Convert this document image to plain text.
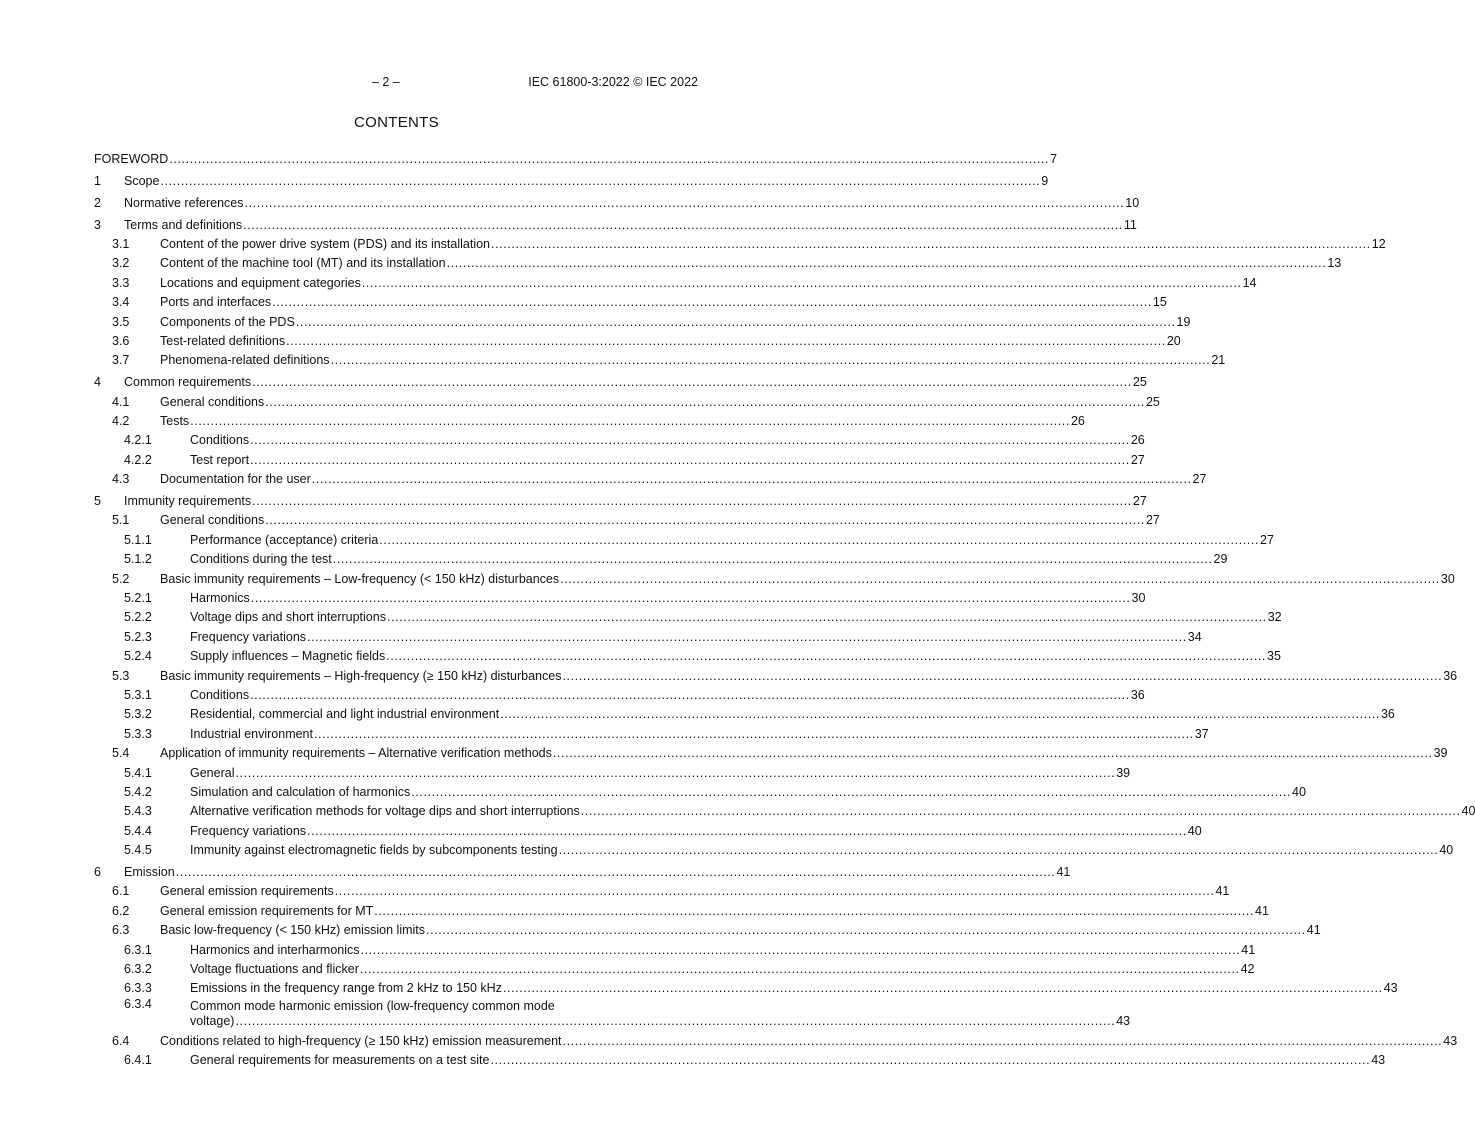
– 2 –	IEC 61800-3:2022 © IEC 2022
CONTENTS
FOREWORD .....	7
1	Scope .....	9
2	Normative references .....	10
3	Terms and definitions .....	11
3.1	Content of the power drive system (PDS) and its installation .....	12
3.2	Content of the machine tool (MT) and its installation .....	13
3.3	Locations and equipment categories .....	14
3.4	Ports and interfaces .....	15
3.5	Components of the PDS .....	19
3.6	Test-related definitions .....	20
3.7	Phenomena-related definitions .....	21
4	Common requirements .....	25
4.1	General conditions .....	25
4.2	Tests .....	26
4.2.1	Conditions .....	26
4.2.2	Test report .....	27
4.3	Documentation for the user .....	27
5	Immunity requirements .....	27
5.1	General conditions .....	27
5.1.1	Performance (acceptance) criteria .....	27
5.1.2	Conditions during the test .....	29
5.2	Basic immunity requirements – Low-frequency (< 150 kHz) disturbances .....	30
5.2.1	Harmonics .....	30
5.2.2	Voltage dips and short interruptions .....	32
5.2.3	Frequency variations .....	34
5.2.4	Supply influences – Magnetic fields .....	35
5.3	Basic immunity requirements – High-frequency (≥ 150 kHz) disturbances .....	36
5.3.1	Conditions .....	36
5.3.2	Residential, commercial and light industrial environment .....	36
5.3.3	Industrial environment .....	37
5.4	Application of immunity requirements – Alternative verification methods .....	39
5.4.1	General .....	39
5.4.2	Simulation and calculation of harmonics .....	40
5.4.3	Alternative verification methods for voltage dips and short interruptions .....	40
5.4.4	Frequency variations .....	40
5.4.5	Immunity against electromagnetic fields by subcomponents testing .....	40
6	Emission .....	41
6.1	General emission requirements .....	41
6.2	General emission requirements for MT .....	41
6.3	Basic low-frequency (< 150 kHz) emission limits .....	41
6.3.1	Harmonics and interharmonics .....	41
6.3.2	Voltage fluctuations and flicker .....	42
6.3.3	Emissions in the frequency range from 2 kHz to 150 kHz .....	43
6.3.4	Common mode harmonic emission (low-frequency common mode
voltage) .....	43
6.4	Conditions related to high-frequency (≥ 150 kHz) emission measurement .....	43
6.4.1	General requirements for measurements on a test site .....	43
